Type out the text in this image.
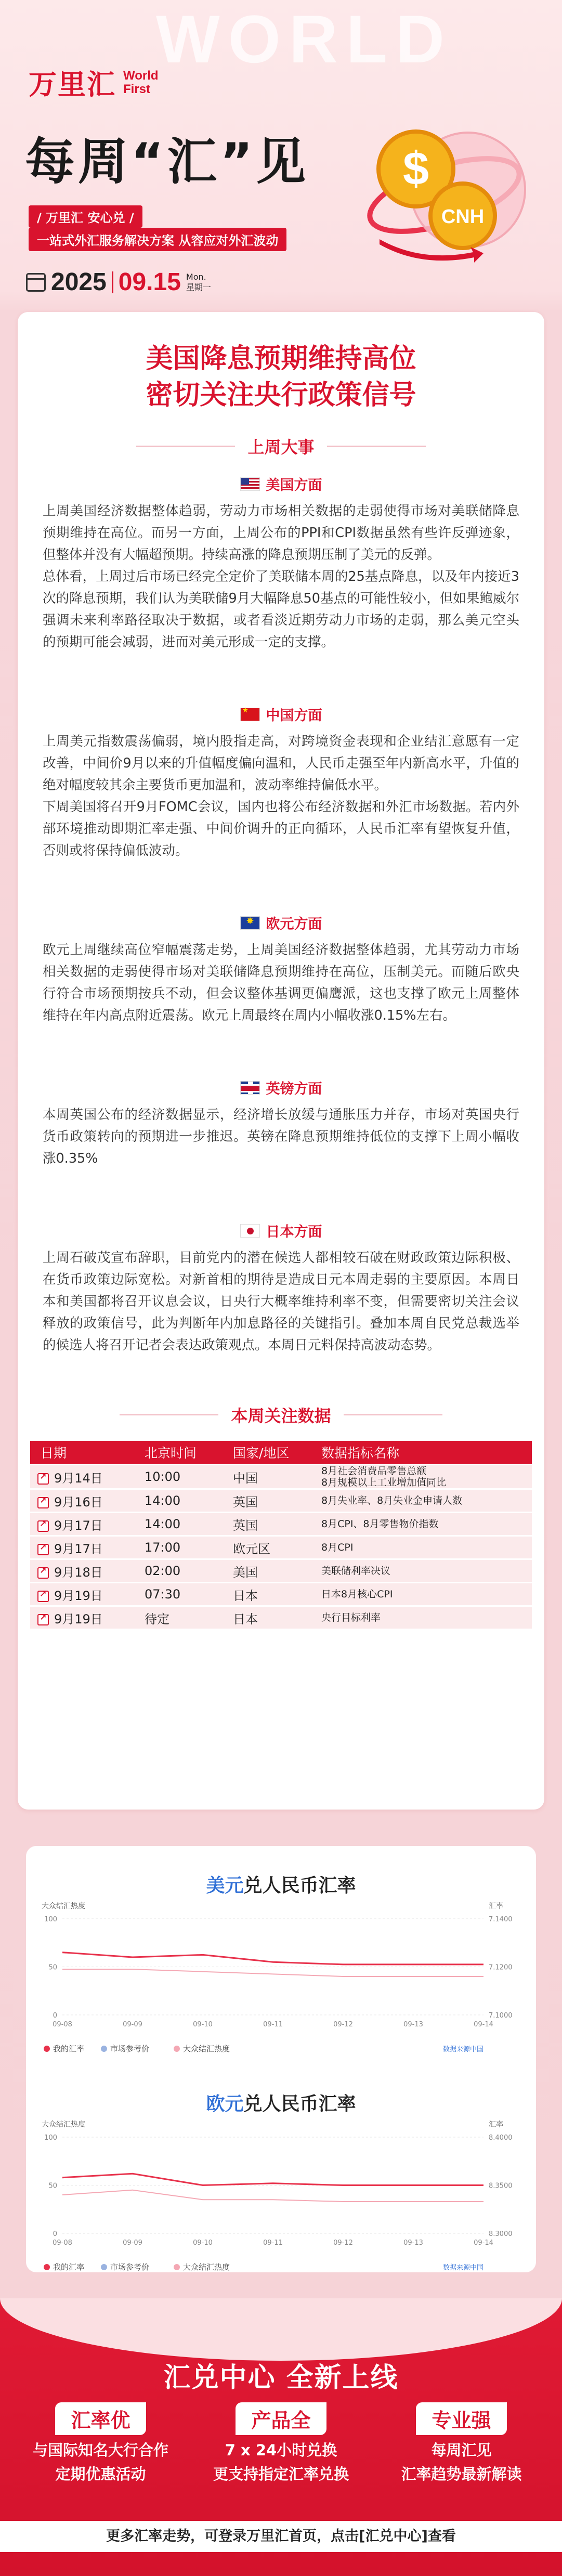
WORLD
万里汇 World
First
每周“汇”见
/ 万里汇 安心兑 /
一站式外汇服务解决方案 从容应对外汇波动
2025 09.15 Mon.
星期一
$
CNH
美国降息预期维持高位
密切关注央行政策信号
上周大事
美国方面

上周美国经济数据整体趋弱，劳动力市场相关数据的走弱使得市场对美联储降息预期维持在高位。而另一方面，上周公布的PPI和CPI数据虽然有些许反弹迹象，但整体并没有大幅超预期。持续高涨的降息预期压制了美元的反弹。

总体看，上周过后市场已经完全定价了美联储本周的25基点降息，以及年内接近3次的降息预期，我们认为美联储9月大幅降息50基点的可能性较小，但如果鲍威尔强调未来利率路径取决于数据，或者看淡近期劳动力市场的走弱，那么美元空头的预期可能会减弱，进而对美元形成一定的支撑。

★
中国方面

上周美元指数震荡偏弱，境内股指走高，对跨境资金表现和企业结汇意愿有一定改善，中间价9月以来的升值幅度偏向温和，人民币走强至年内新高水平，升值的绝对幅度较其余主要货币更加温和，波动率维持偏低水平。

下周美国将召开9月FOMC会议，国内也将公布经济数据和外汇市场数据。若内外部环境推动即期汇率走强、中间价调升的正向循环，人民币汇率有望恢复升值，否则或将保持偏低波动。

✸
欧元方面

欧元上周继续高位窄幅震荡走势，上周美国经济数据整体趋弱，尤其劳动力市场相关数据的走弱使得市场对美联储降息预期维持在高位，压制美元。而随后欧央行符合市场预期按兵不动，但会议整体基调更偏鹰派，这也支撑了欧元上周整体维持在年内高点附近震荡。欧元上周最终在周内小幅收涨0.15%左右。

英镑方面

本周英国公布的经济数据显示，经济增长放缓与通胀压力并存，市场对英国央行货币政策转向的预期进一步推迟。英镑在降息预期维持低位的支撑下上周小幅收涨0.35%

日本方面

上周石破茂宣布辞职，目前党内的潜在候选人都相较石破在财政政策边际积极、在货币政策边际宽松。对新首相的期待是造成日元本周走弱的主要原因。本周日本和美国都将召开议息会议，日央行大概率维持利率不变，但需要密切关注会议释放的政策信号，此为判断年内加息路径的关键指引。叠加本周自民党总裁选举的候选人将召开记者会表达政策观点。本周日元料保持高波动态势。

本周关注数据
日期	北京时间	国家/地区	数据指标名称
↗9月14日	10:00	中国	8月社会消费品零售总额
8月规模以上工业增加值同比
↗9月16日	14:00	英国	8月失业率、8月失业金申请人数
↗9月17日	14:00	英国	8月CPI、8月零售物价指数
↗9月17日	17:00	欧元区	8月CPI
↗9月18日	02:00	美国	美联储利率决议
↗9月19日	07:30	日本	日本8月核心CPI
↗9月19日	待定	日本	央行目标利率
美元兑人民币汇率
大众结汇热度	汇率
100	7.1400
50	7.1200
0	7.1000
09-08	09-09	09-10	09-11	09-12	09-13	09-14
我的汇率	市场参考价	大众结汇热度	数据来源中国
欧元兑人民币汇率
大众结汇热度	汇率
100	8.4000
50	8.3500
0	8.3000
09-08	09-09	09-10	09-11	09-12	09-13	09-14
我的汇率	市场参考价	大众结汇热度	数据来源中国
汇兑中心 全新上线
汇率优
与国际知名大行合作
定期优惠活动
产品全
7 x 24小时兑换
更支持指定汇率兑换
专业强
每周汇见
汇率趋势最新解读
更多汇率走势，可登录万里汇首页，点击[汇兑中心]查看
